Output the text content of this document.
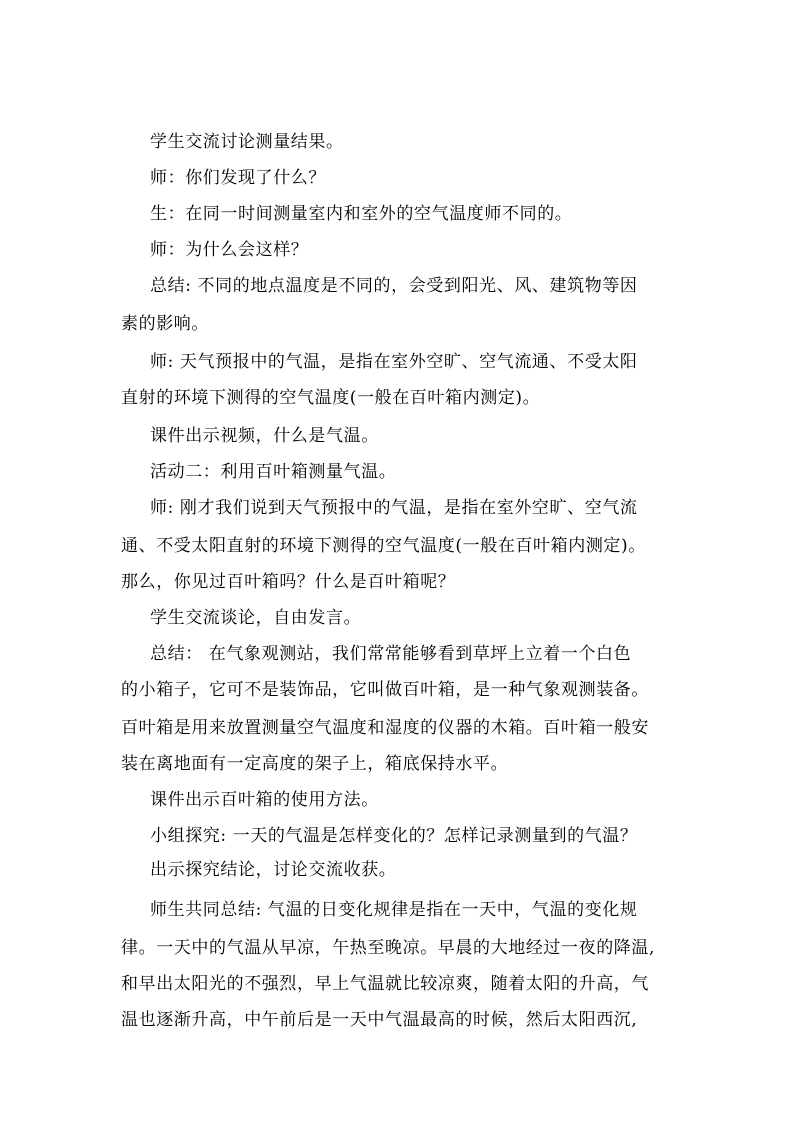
学生交流讨论测量结果。
师：你们发现了什么？
生：在同一时间测量室内和室外的空气温度师不同的。
师：为什么会这样？
总结: 不同的地点温度是不同的，会受到阳光、风、建筑物等因
素的影响。
师: 天气预报中的气温，是指在室外空旷、空气流通、不受太阳
直射的环境下测得的空气温度(一般在百叶箱内测定)。
课件出示视频，什么是气温。
活动二：利用百叶箱测量气温。
师: 刚才我们说到天气预报中的气温，是指在室外空旷、空气流
通、不受太阳直射的环境下测得的空气温度(一般在百叶箱内测定)。
那么，你见过百叶箱吗？什么是百叶箱呢？
学生交流谈论，自由发言。
总结： 在气象观测站，我们常常能够看到草坪上立着一个白色
的小箱子，它可不是装饰品，它叫做百叶箱，是一种气象观测装备。
百叶箱是用来放置测量空气温度和湿度的仪器的木箱。百叶箱一般安
装在离地面有一定高度的架子上，箱底保持水平。
课件出示百叶箱的使用方法。
小组探究: 一天的气温是怎样变化的？怎样记录测量到的气温？
出示探究结论，讨论交流收获。
师生共同总结: 气温的日变化规律是指在一天中，气温的变化规
律。一天中的气温从早凉，午热至晚凉。早晨的大地经过一夜的降温,
和早出太阳光的不强烈，早上气温就比较凉爽，随着太阳的升高，气
温也逐渐升高，中午前后是一天中气温最高的时候，然后太阳西沉,
